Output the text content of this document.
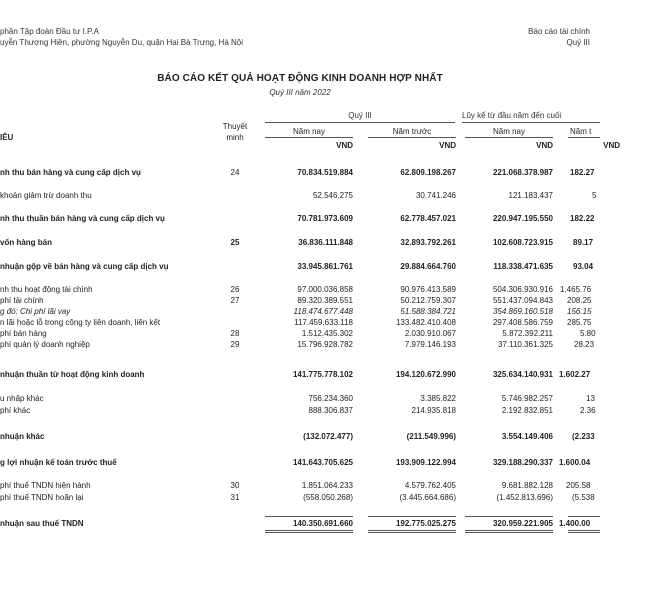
phần Tập đoàn Đầu tư I.P.A
uyễn Thượng Hiền, phường Nguyễn Du, quận Hai Bà Trưng, Hà Nội
Báo cáo tài chính
Quý III
BÁO CÁO KẾT QUẢ HOẠT ĐỘNG KINH DOANH HỢP NHẤT
Quý III năm 2022
Quý III	Lũy kế từ đầu năm đến cuối
IÊU
Thuyết
minh
Năm nay	Năm trước	Năm nay	Năm t
VND	VND	VND	VND
nh thu bán hàng và cung cấp dịch vụ	24	70.834.519.884	62.809.198.267	221.068.378.987 182.27
khoản giảm trừ doanh thu	52.546.275	30.741.246	121.183.437	5
nh thu thuần bán hàng và cung cấp dịch vụ	70.781.973.609	62.778.457.021	220.947.195.550 182.22
vốn hàng bán	25	36.836.111.848	32.893.792.261	102.608.723.915	89.17
nhuận gộp về bán hàng và cung cấp dịch vụ	33.945.861.761	29.884.664.760	118.338.471.635	93.04
nh thu hoạt động tài chính	26	97.000.036.858	90.976.413.589	504.306.930.916 1.465.76
phí tài chính	27	89.320.389.551	50.212.759.307	551.437.094.843 208.25
g đó: Chi phí lãi vay	118.474.677.448	51.588.384.721	354.869.160.518 156.15
n lãi hoặc lỗ trong công ty liên doanh, liên kết	117.459.633.118	133.482.410.408	297.408.586.759 285.75
phí bán hàng	28	1.512.435.302	2.030.910.067	5.872.392.211	5.80
phí quản lý doanh nghiệp	29	15.796.928.782	7.979.146.193	37.110.361.325	28.23
nhuận thuần từ hoạt động kinh doanh	141.775.778.102	194.120.672.990	325.634.140.931 1.602.27
u nhập khác	756.234.360	3.385.822	5.746.982.257	13
phí khác	888.306.837	214.935.818	2.192.832.851	2.36
nhuận khác	(132.072.477)	(211.549.996)	3.554.149.406 (2.233
g lợi nhuận kế toán trước thuế	141.643.705.625	193.909.122.994	329.188.290.337 1.600.04
phí thuế TNDN hiện hành	30	1.851.064.233	4.579.762.405	9.681.882.128 205.58
phí thuế TNDN hoãn lại	31	(558.050.268)	(3.445.664.686)	(1.452.813.696) (5.538
nhuận sau thuế TNDN	140.350.691.660	192.775.025.275	320.959.221.905 1.400.00
